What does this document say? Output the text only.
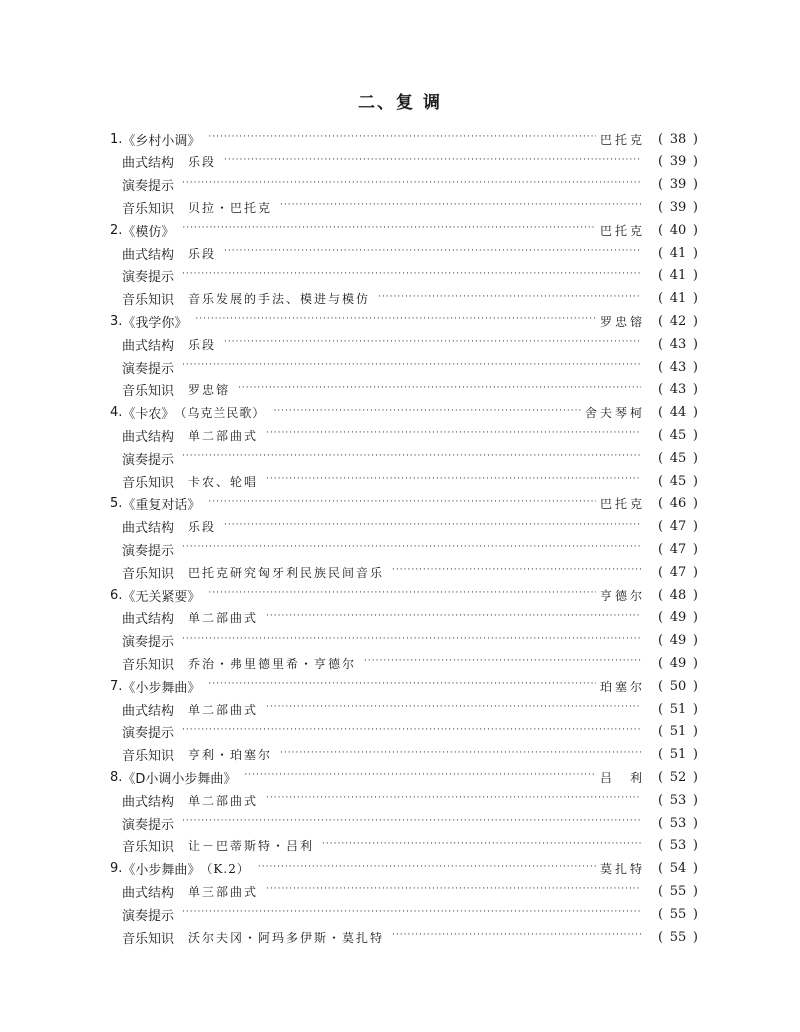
二、复 调
1. 《乡村小调》 ·····	巴托克 ( 38 )
曲式结构 乐段 ·····	( 39 )
演奏提示 ·····	( 39 )
音乐知识 贝拉・巴托克 ·····	( 39 )
2. 《模仿》 ·····	巴托克 ( 40 )
曲式结构 乐段 ·····	( 41 )
演奏提示 ·····	( 41 )
音乐知识 音乐发展的手法、模进与模仿 ·····	( 41 )
3. 《我学你》 ·····	罗忠镕 ( 42 )
曲式结构 乐段 ·····	( 43 )
演奏提示 ·····	( 43 )
音乐知识 罗忠镕 ·····	( 43 )
4. 《卡农》 （乌克兰民歌） ·····	舍夫琴柯 ( 44 )
曲式结构 单二部曲式 ·····	( 45 )
演奏提示 ·····	( 45 )
音乐知识 卡农、轮唱 ·····	( 45 )
5. 《重复对话》 ·····	巴托克 ( 46 )
曲式结构 乐段 ·····	( 47 )
演奏提示 ·····	( 47 )
音乐知识 巴托克研究匈牙利民族民间音乐 ·····	( 47 )
6. 《无关紧要》 ·····	亨德尔 ( 48 )
曲式结构 单二部曲式 ·····	( 49 )
演奏提示 ·····	( 49 )
音乐知识 乔治・弗里德里希・亨德尔 ·····	( 49 )
7. 《小步舞曲》 ·····	珀塞尔 ( 50 )
曲式结构 单二部曲式 ·····	( 51 )
演奏提示 ·····	( 51 )
音乐知识 亨利・珀塞尔 ·····	( 51 )
8. 《D小调小步舞曲》 ·····	吕　利 ( 52 )
曲式结构 单二部曲式 ·····	( 53 )
演奏提示 ·····	( 53 )
音乐知识 让－巴蒂斯特・吕利 ·····	( 53 )
9. 《小步舞曲》 （K.2） ·····	莫扎特 ( 54 )
曲式结构 单三部曲式 ·····	( 55 )
演奏提示 ·····	( 55 )
音乐知识 沃尔夫冈・阿玛多伊斯・莫扎特 ·····	( 55 )
